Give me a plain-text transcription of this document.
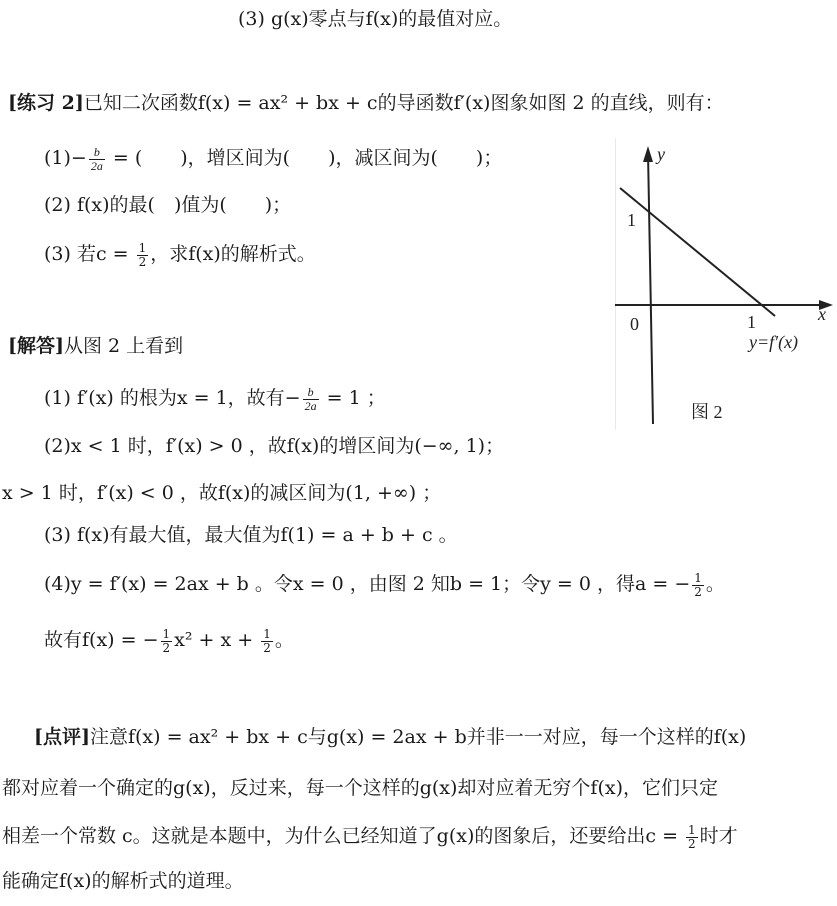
(3) g(x)零点与f(x)的最值对应。
[练习 2]已知二次函数f(x) = ax² + bx + c的导函数f′(x)图象如图 2 的直线，则有：
$(1)- \frac{b}{2a}$ = (　　)，增区间为(　　)，减区间为(　　)；
(2) f(x)的最(　)值为(　　)；
(3) 若$c = \frac{1}{2}$ ，求f(x)的解析式。
y
x
1
0	1
y=f′(x)
图 2
[解答]从图 2 上看到
(1) f′(x) 的根为x = 1，故有− $\frac{b}{2a} = 1$ ；
(2)x < 1 时，f′(x) > 0 ，故f(x)的增区间为(−∞, 1)；
x > 1 时，f′(x) < 0 ，故f(x)的减区间为(1, +∞) ；
(3) f(x)有最大值，最大值为f(1) = a + b + c 。
(4)y = f′(x) = 2ax + b 。令x = 0 ，由图 2 知b = 1；令y = 0 ，得a = − $\frac{1}{2}$ 。
故有f(x) = − $\frac{1}{2} x^2 + x + \frac{1}{2}$ 。
[点评]注意f(x) = ax² + bx + c与g(x) = 2ax + b并非一一对应，每一个这样的f(x)
都对应着一个确定的g(x)，反过来，每一个这样的g(x)却对应着无穷个f(x)，它们只定
相差一个常数 c。这就是本题中，为什么已经知道了g(x)的图象后，还要给出$c = \frac{1}{2}$ 时才
能确定f(x)的解析式的道理。
